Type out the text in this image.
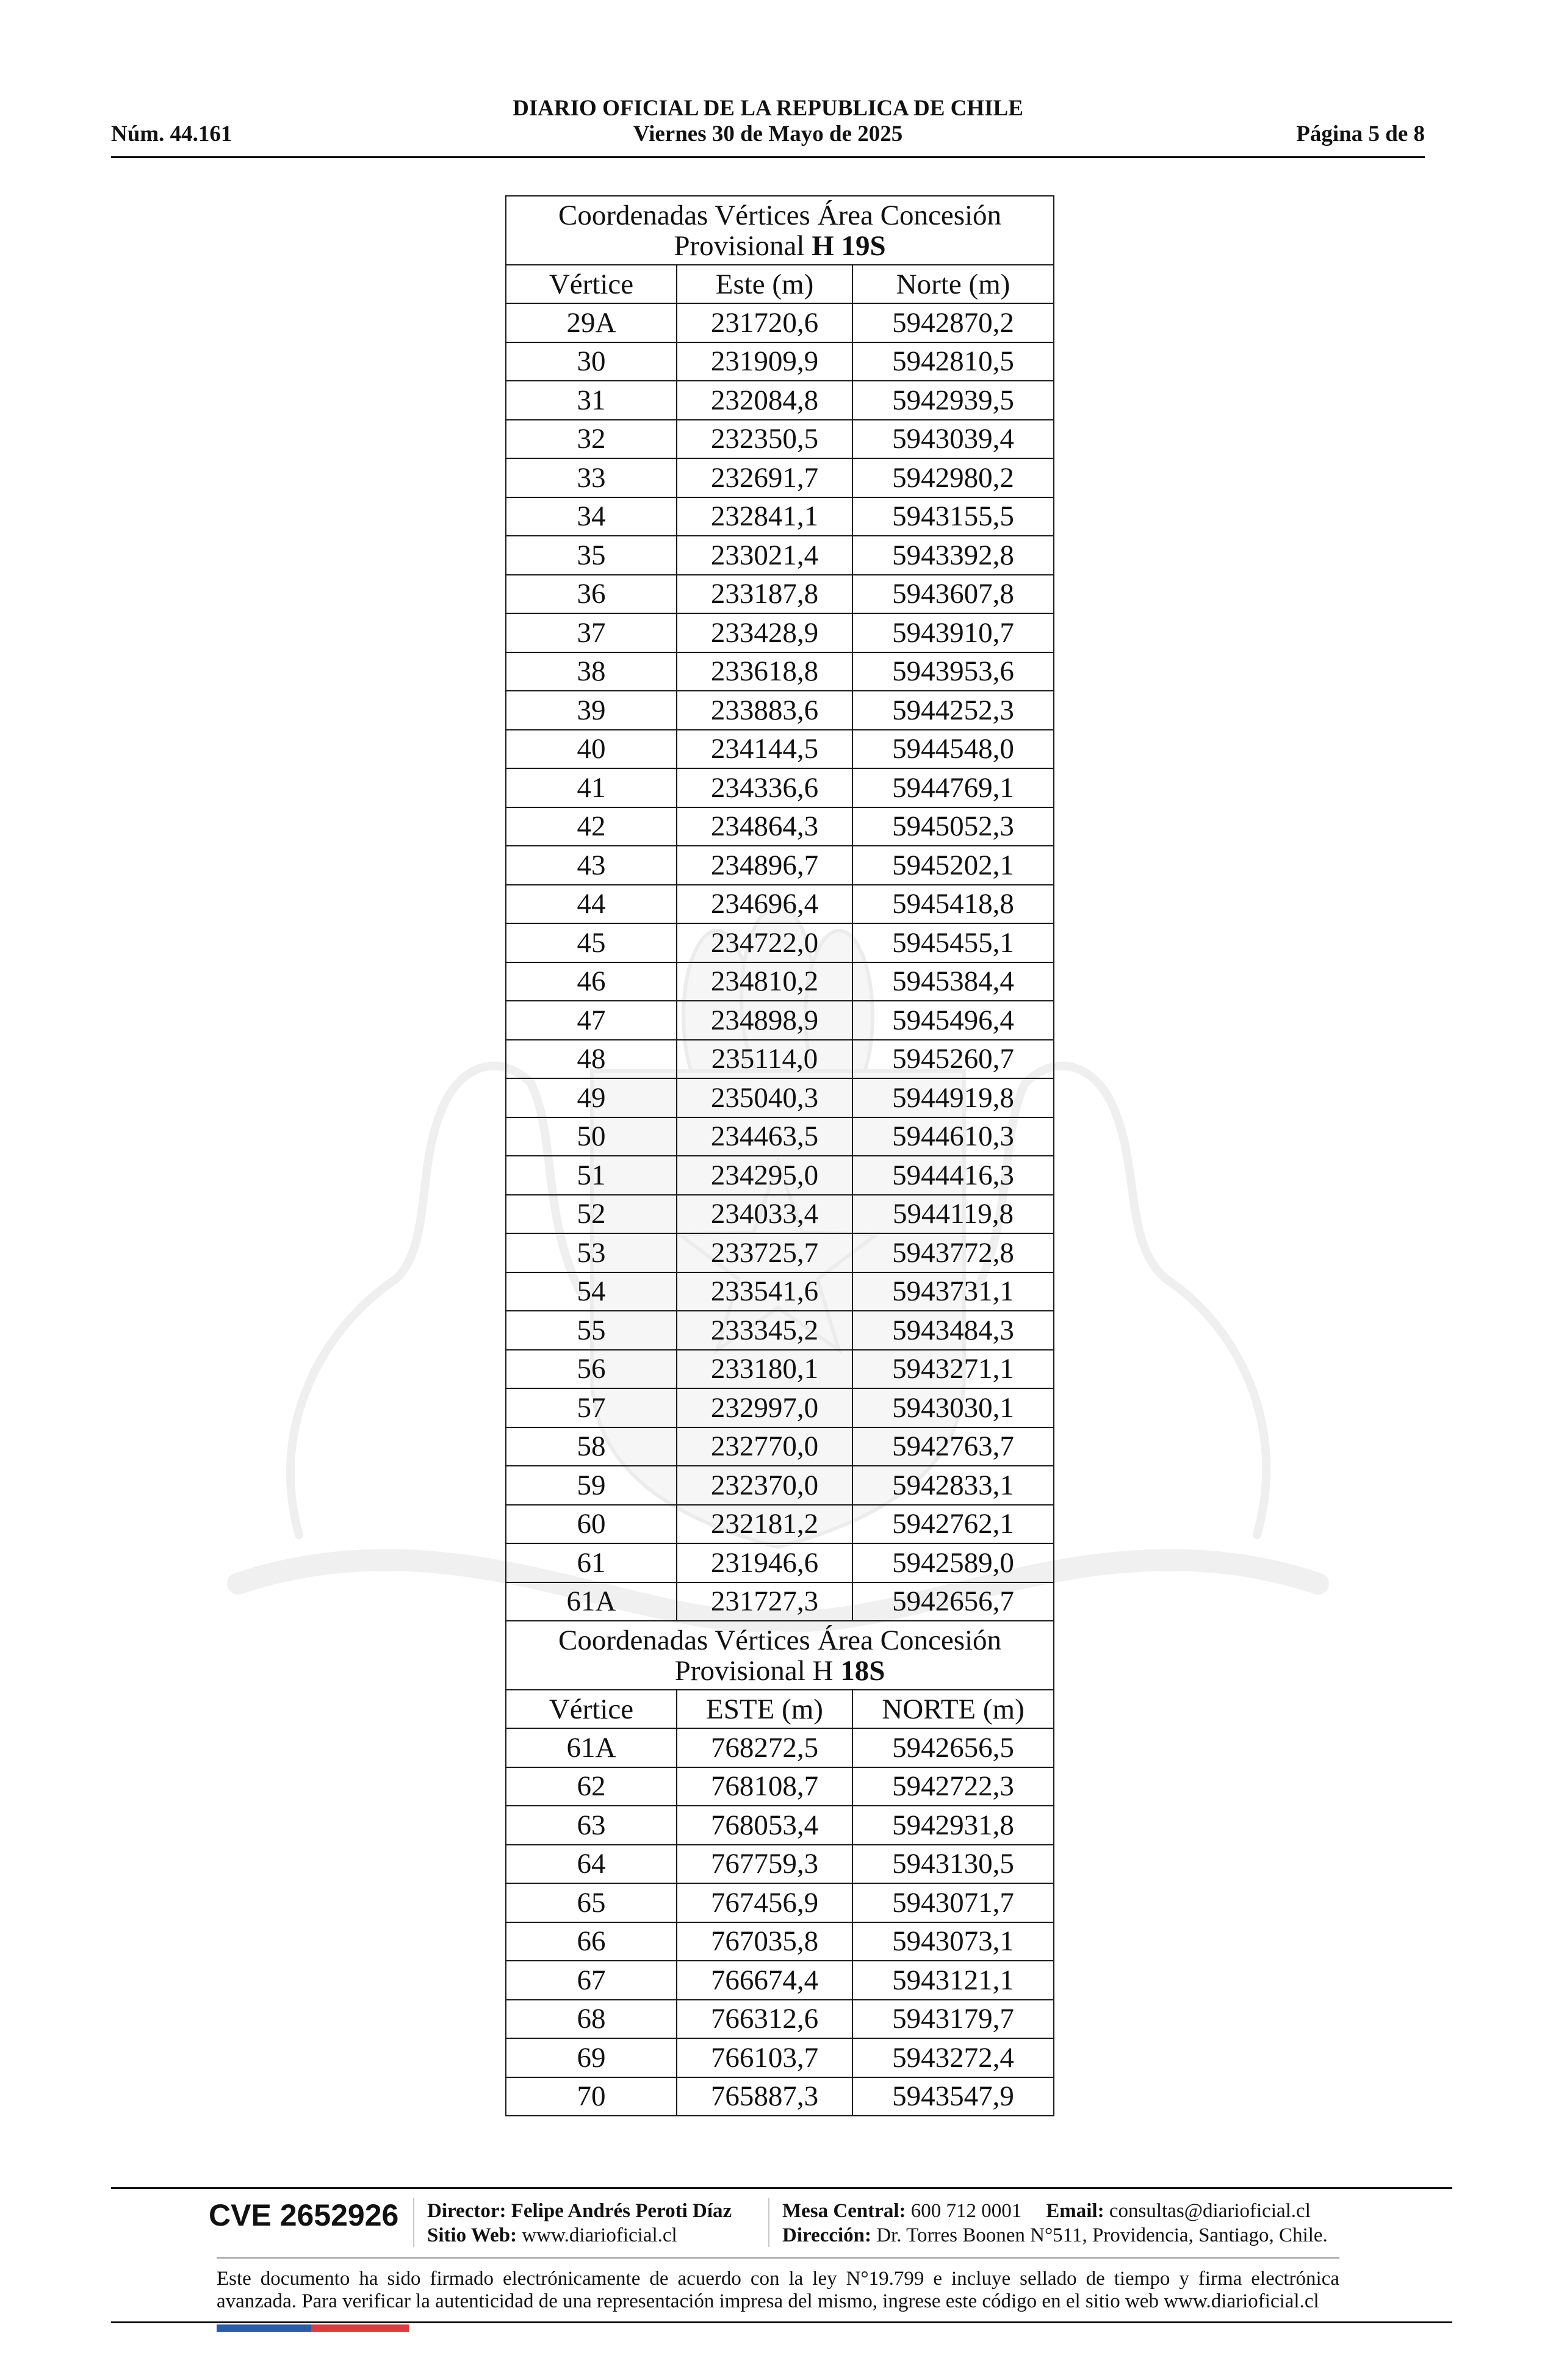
DIARIO OFICIAL DE LA REPUBLICA DE CHILE
Viernes 30 de Mayo de 2025
Núm. 44.161	Página 5 de 8
Coordenadas Vértices Área Concesión
Provisional H 19S		

Vértice	Este (m)	Norte (m)
29A	231720,6	5942870,2
30	231909,9	5942810,5
31	232084,8	5942939,5
32	232350,5	5943039,4
33	232691,7	5942980,2
34	232841,1	5943155,5
35	233021,4	5943392,8
36	233187,8	5943607,8
37	233428,9	5943910,7
38	233618,8	5943953,6
39	233883,6	5944252,3
40	234144,5	5944548,0
41	234336,6	5944769,1
42	234864,3	5945052,3
43	234896,7	5945202,1
44	234696,4	5945418,8
45	234722,0	5945455,1
46	234810,2	5945384,4
47	234898,9	5945496,4
48	235114,0	5945260,7
49	235040,3	5944919,8
50	234463,5	5944610,3
51	234295,0	5944416,3
52	234033,4	5944119,8
53	233725,7	5943772,8
54	233541,6	5943731,1
55	233345,2	5943484,3
56	233180,1	5943271,1
57	232997,0	5943030,1
58	232770,0	5942763,7
59	232370,0	5942833,1
60	232181,2	5942762,1
61	231946,6	5942589,0
61A	231727,3	5942656,7

Coordenadas Vértices Área Concesión
Provisional H 18S		

Vértice	ESTE (m)	NORTE (m)
61A	768272,5	5942656,5
62	768108,7	5942722,3
63	768053,4	5942931,8
64	767759,3	5943130,5
65	767456,9	5943071,7
66	767035,8	5943073,1
67	766674,4	5943121,1
68	766312,6	5943179,7
69	766103,7	5943272,4
70	765887,3	5943547,9
CVE 2652926 Director: Felipe Andrés Peroti Díaz
Sitio Web: www.diarioficial.cl
Mesa Central: 600 712 0001 Email: consultas@diarioficial.cl
Dirección: Dr. Torres Boonen N°511, Providencia, Santiago, Chile.
Este documento ha sido firmado electrónicamente de acuerdo con la ley N°19.799 e incluye sellado de tiempo y firma electrónica
avanzada. Para verificar la autenticidad de una representación impresa del mismo, ingrese este código en el sitio web www.diarioficial.cl
